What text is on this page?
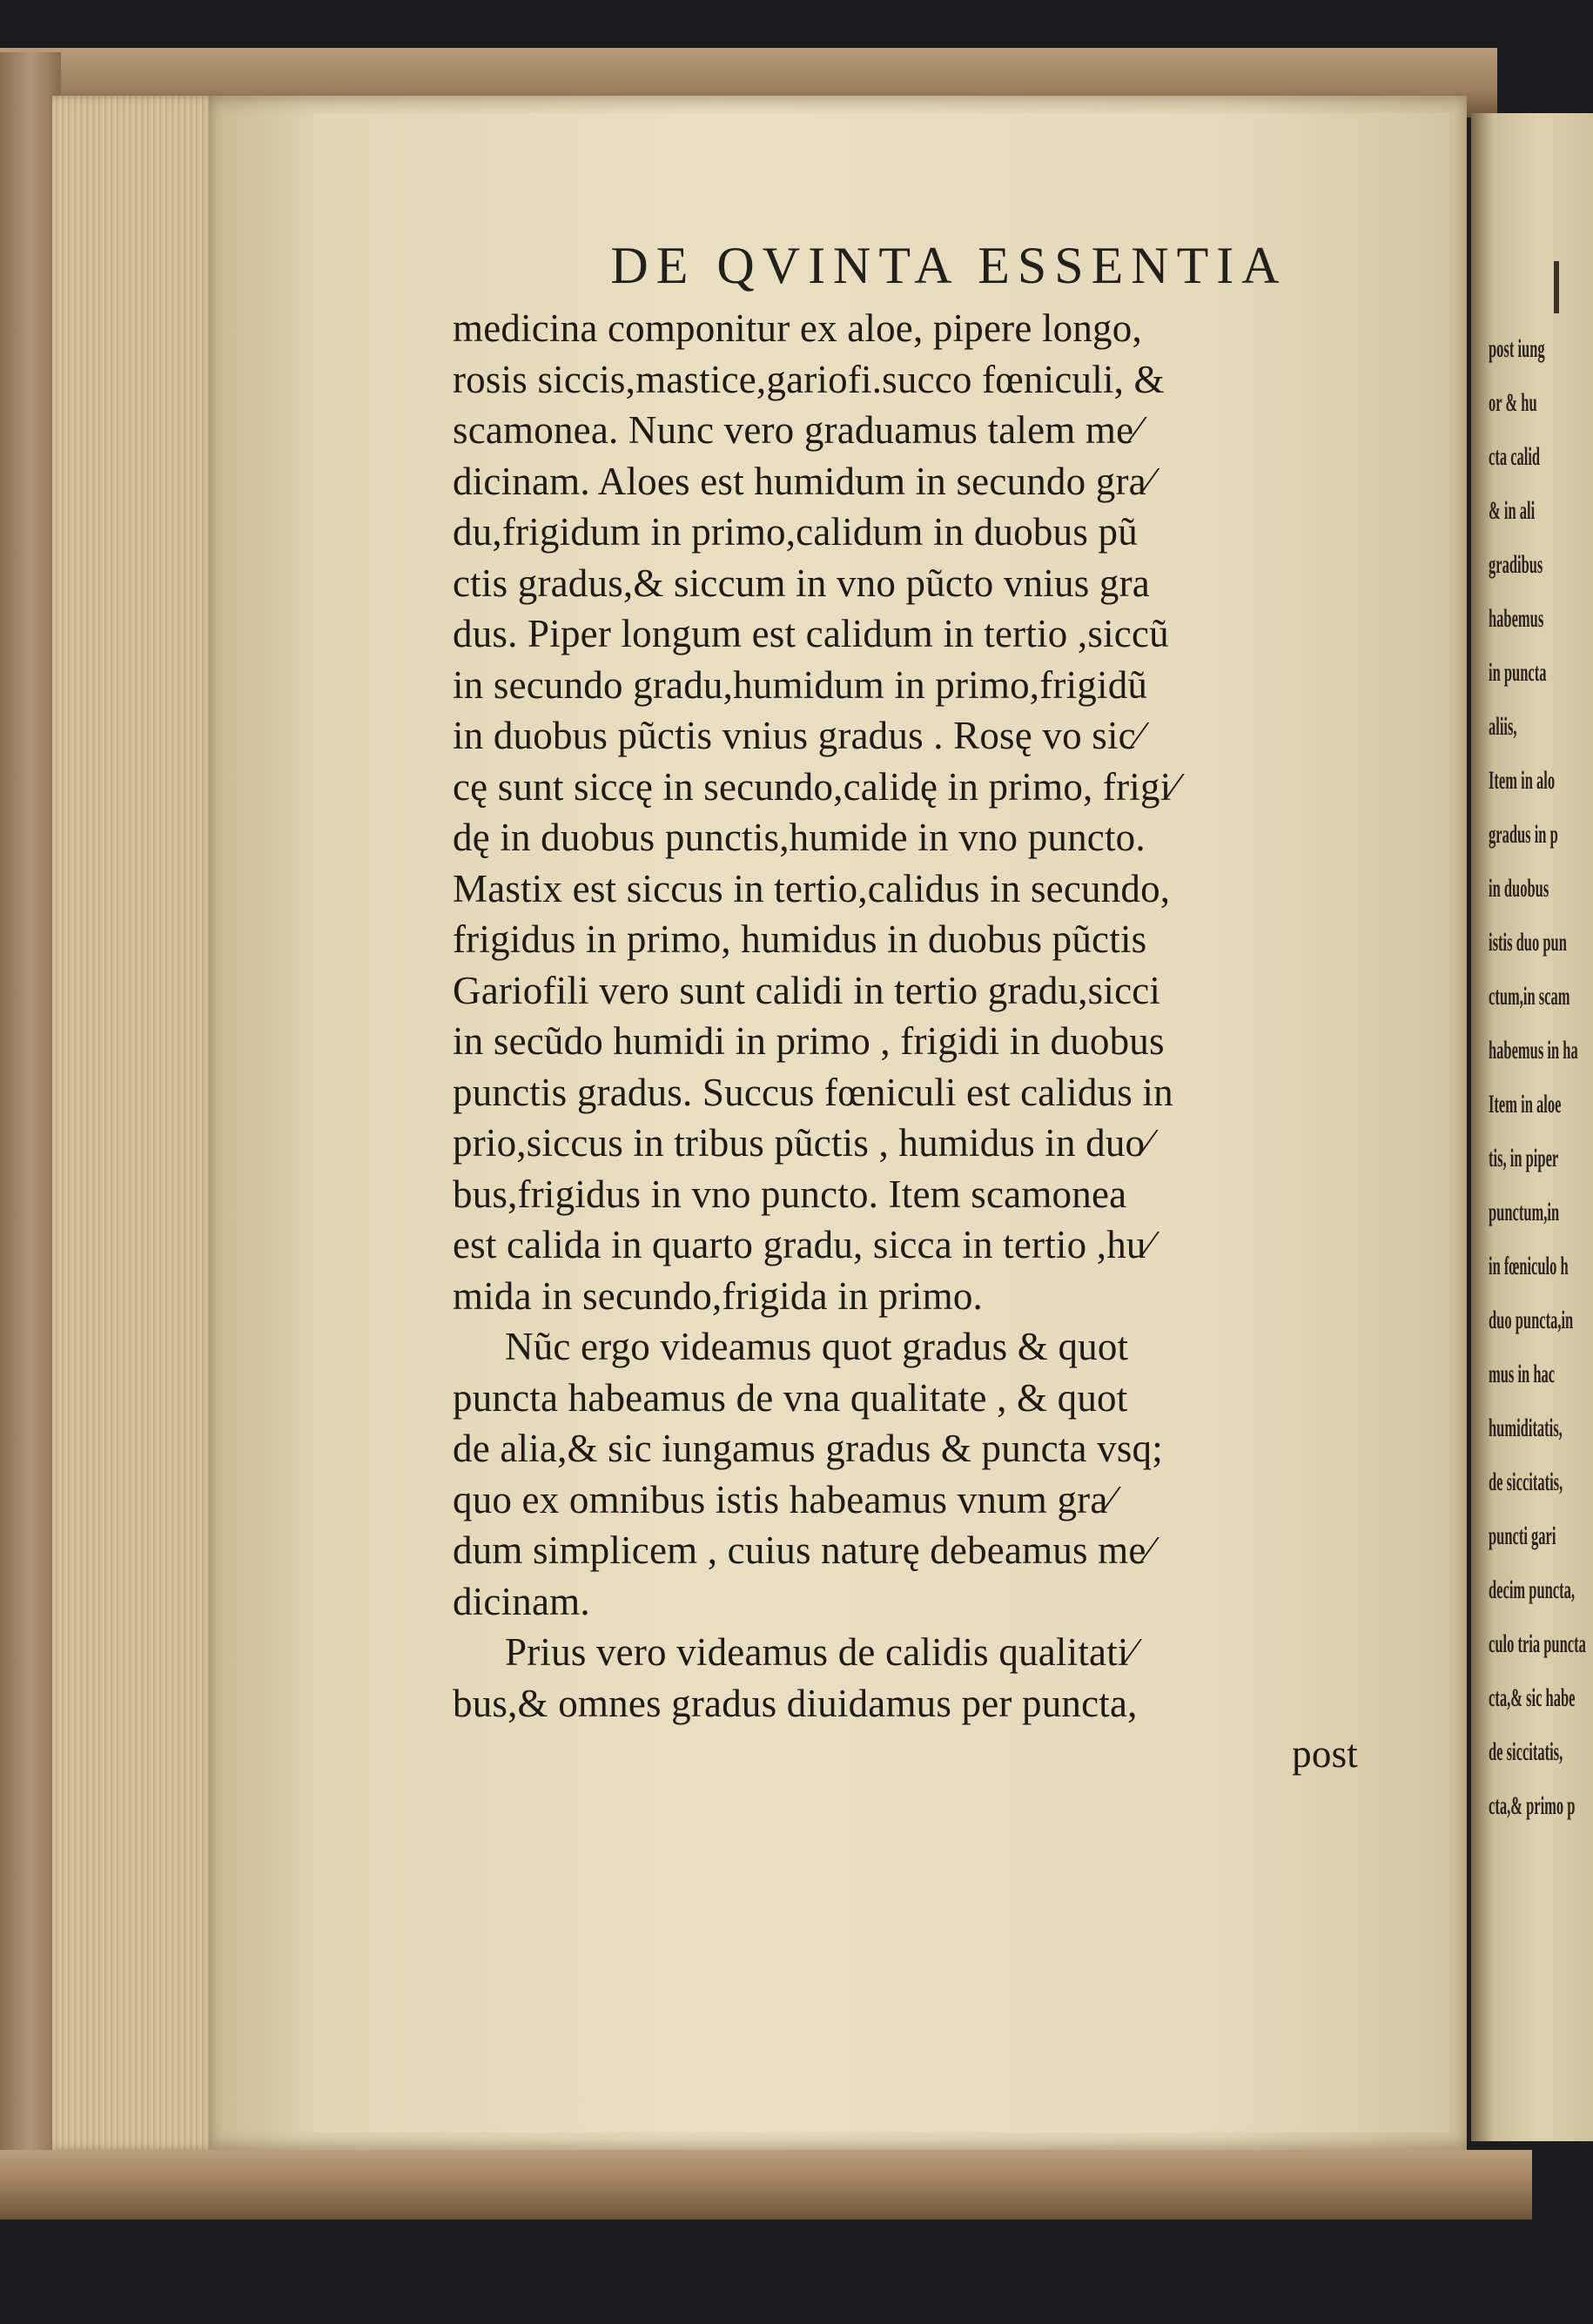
post iung
or & hu
cta calid
& in ali
gradibus
habemus
in puncta
aliis,
Item in alo
gradus in p
in duobus
istis duo pun
ctum,in scam
habemus in ha
Item in aloe
tis, in piper
punctum,in
in fœniculo h
duo puncta,in
mus in hac
humiditatis,
de siccitatis,
puncti gari
decim puncta,
culo tria puncta
cta,& sic habe
de siccitatis,
cta,& primo p
DE QVINTA ESSENTIA
medicina componitur ex aloe, pipere longo,
rosis siccis,mastice,gariofi.succo fœniculi, &
scamonea. Nunc vero graduamus talem me⁄
dicinam. Aloes est humidum in secundo gra⁄
du,frigidum in primo,calidum in duobus pũ
ctis gradus,& siccum in vno pũcto vnius gra
dus. Piper longum est calidum in tertio ,siccũ
in secundo gradu,humidum in primo,frigidũ
in duobus pũctis vnius gradus . Rosę vo sic⁄
cę sunt siccę in secundo,calidę in primo, frigi⁄
dę in duobus punctis,humide in vno puncto.
Mastix est siccus in tertio,calidus in secundo,
frigidus in primo, humidus in duobus pũctis
Gariofili vero sunt calidi in tertio gradu,sicci
in secũdo humidi in primo , frigidi in duobus
punctis gradus. Succus fœniculi est calidus in
prio,siccus in tribus pũctis , humidus in duo⁄
bus,frigidus in vno puncto. Item scamonea
est calida in quarto gradu, sicca in tertio ,hu⁄
mida in secundo,frigida in primo.
Nũc ergo videamus quot gradus & quot
puncta habeamus de vna qualitate , & quot
de alia,& sic iungamus gradus & puncta vsq;
quo ex omnibus istis habeamus vnum gra⁄
dum simplicem , cuius naturę debeamus me⁄
dicinam.
Prius vero videamus de calidis qualitati⁄
bus,& omnes gradus diuidamus per puncta,
post
